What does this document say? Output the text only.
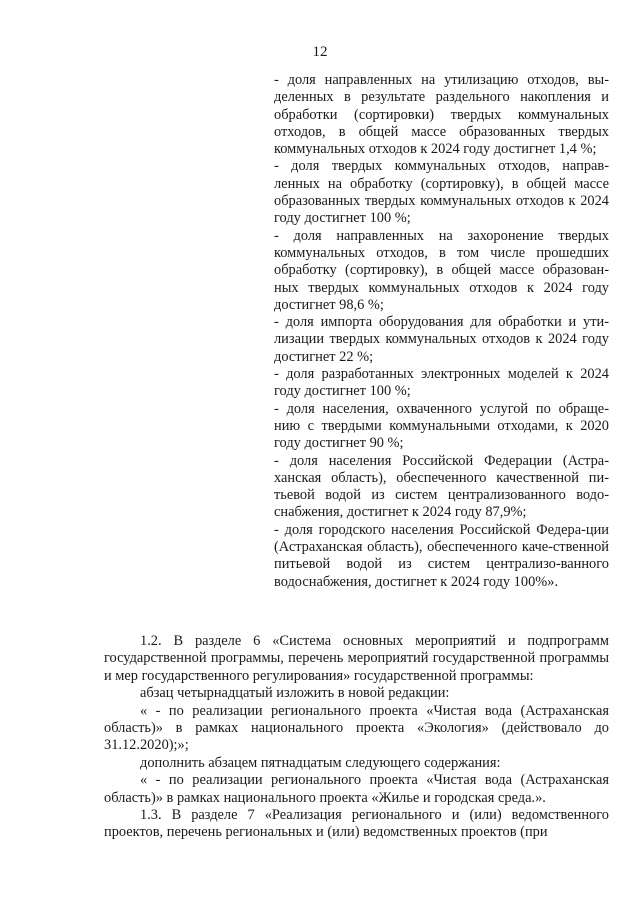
12

- доля направленных на утилизацию отходов, вы-деленных в результате раздельного накопления и обработки (сортировки) твердых коммунальных отходов, в общей массе образованных твердых коммунальных отходов к 2024 году достигнет 1,4 %;

- доля твердых коммунальных отходов, направ-ленных на обработку (сортировку), в общей массе образованных твердых коммунальных отходов к 2024 году достигнет 100 %;

- доля направленных на захоронение твердых коммунальных отходов, в том числе прошедших обработку (сортировку), в общей массе образован-ных твердых коммунальных отходов к 2024 году достигнет 98,6 %;

- доля импорта оборудования для обработки и ути-лизации твердых коммунальных отходов к 2024 году достигнет 22 %;

- доля разработанных электронных моделей к 2024 году достигнет 100 %;

- доля населения, охваченного услугой по обраще-нию с твердыми коммунальными отходами, к 2020 году достигнет 90 %;

- доля населения Российской Федерации (Астра-ханская область), обеспеченного качественной пи-тьевой водой из систем централизованного водо-снабжения, достигнет к 2024 году 87,9%;

- доля городского населения Российской Федера-ции (Астраханская область), обеспеченного каче-ственной питьевой водой из систем централизо-ванного водоснабжения, достигнет к 2024 году 100%».

1.2. В разделе 6 «Система основных мероприятий и подпрограмм государственной программы, перечень мероприятий государственной программы и мер государственного регулирования» государственной программы:

абзац четырнадцатый изложить в новой редакции:

« - по реализации регионального проекта «Чистая вода (Астраханская область)» в рамках национального проекта «Экология» (действовало до 31.12.2020);»;

дополнить абзацем пятнадцатым следующего содержания:

« - по реализации регионального проекта «Чистая вода (Астраханская область)» в рамках национального проекта «Жилье и городская среда.».

1.3. В разделе 7 «Реализация регионального и (или) ведомственного проектов, перечень региональных и (или) ведомственных проектов (при
